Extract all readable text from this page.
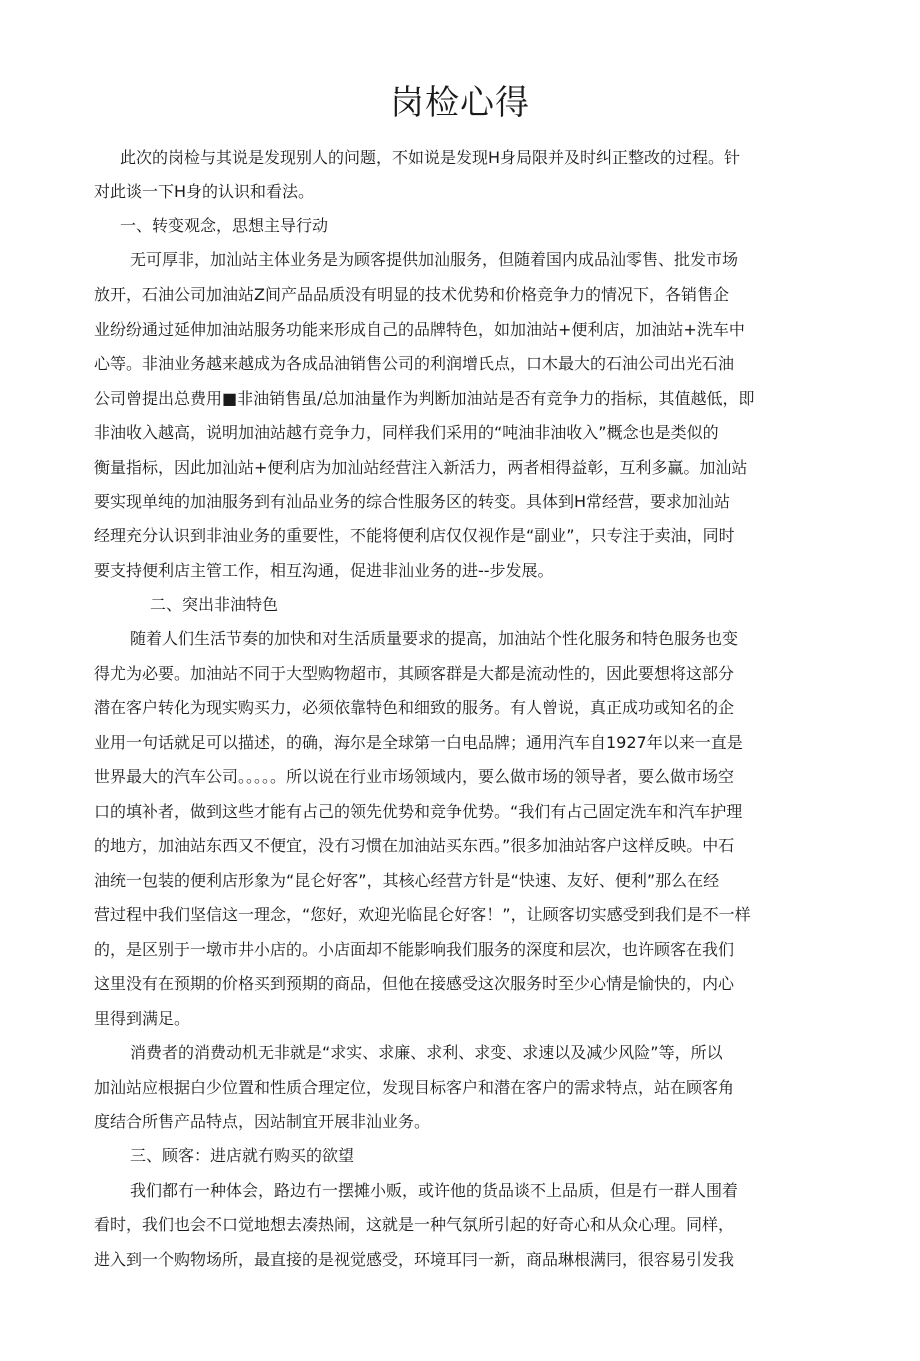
岗检心得

此次的岗检与其说是发现别人的问题，不如说是发现H身局限并及时纠正整改的过程。针

对此谈一下H身的认识和看法。

一、转变观念，思想主导行动

无可厚非，加汕站主体业务是为顾客提供加汕服务，但随着国内成品汕零售、批发市场

放开，石油公司加油站Z间产品品质没有明显的技术优势和价格竞争力的情况下，各销售企

业纷纷通过延伸加油站服务功能来形成自己的品牌特色，如加油站+便利店，加油站+洗车中

心等。非油业务越来越成为各成品油销售公司的利润增氏点，口木最大的石油公司出光石油

公司曾提出总费用■非油销售虽/总加油量作为判断加油站是否有竞争力的指标，其值越低，即

非油收入越高，说明加油站越冇竞争力，同样我们采用的“吨油非油收入”概念也是类似的

衡量指标，因此加汕站+便利店为加汕站经营注入新活力，两者相得益彰，互利多赢。加汕站

要实现单纯的加油服务到有汕品业务的综合性服务区的转变。具体到H常经营，要求加汕站

经理充分认识到非油业务的重要性，不能将便利店仅仅视作是“副业”，只专注于卖油，同时

要支持便利店主管工作，相互沟通，促进非汕业务的进--步发展。

二、突出非油特色

随着人们生活节奏的加快和对生活质量要求的提高，加油站个性化服务和特色服务也变

得尤为必要。加油站不同于大型购物超市，其顾客群是大都是流动性的，因此要想将这部分

潜在客户转化为现实购买力，必须依靠特色和细致的服务。有人曾说，真正成功或知名的企

业用一句话就足可以描述，的确，海尔是全球第一白电品牌；通用汽车自1927年以来一直是

世界最大的汽车公司。。。。。所以说在行业市场领域内，要么做市场的领导者，要么做市场空

口的填补者，做到这些才能有占己的领先优势和竞争优势。“我们有占己固定洗车和汽车护理

的地方，加油站东西又不便宜，没冇习惯在加油站买东西。”很多加油站客户这样反映。中石

油统一包装的便利店形象为“昆仑好客”，其核心经营方针是“快速、友好、便利”那么在经

营过程中我们坚信这一理念，“您好，欢迎光临昆仑好客！”，让顾客切实感受到我们是不一样

的，是区别于一墩市井小店的。小店面却不能影响我们服务的深度和层次，也许顾客在我们

这里没有在预期的价格买到预期的商品，但他在接感受这次服务时至少心情是愉快的，内心

里得到满足。

消费者的消费动机无非就是“求实、求廉、求利、求变、求速以及减少风险”等，所以

加汕站应根据白少位置和性质合理定位，发现目标客户和潜在客户的需求特点，站在顾客角

度结合所售产品特点，因站制宜开展非汕业务。

三、顾客：进店就冇购买的欲望

我们都冇一种体会，路边冇一摆摊小贩，或许他的货品谈不上品质，但是冇一群人围着

看时，我们也会不口觉地想去凑热闹，这就是一种气氛所引起的好奇心和从众心理。同样，

进入到一个购物场所，最直接的是视觉感受，环境耳冃一新，商品琳根满冃，很容易引发我
